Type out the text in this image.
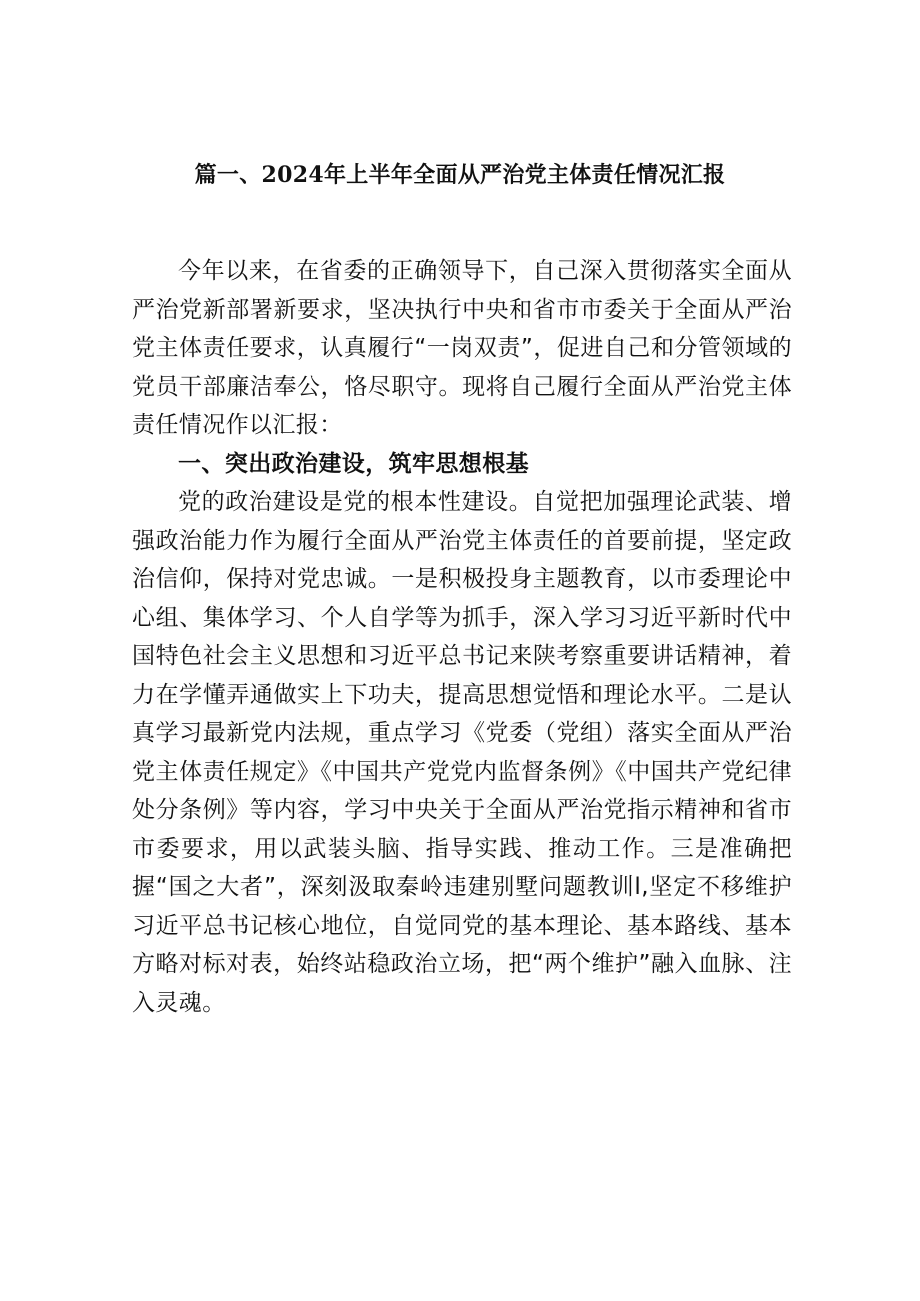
篇一、2024年上半年全面从严治党主体责任情况汇报

今年以来，在省委的正确领导下，自己深入贯彻落实全面从严治党新部署新要求，坚决执行中央和省市市委关于全面从严治党主体责任要求，认真履行“一岗双责”，促进自己和分管领域的党员干部廉洁奉公，恪尽职守。现将自己履行全面从严治党主体责任情况作以汇报：

一、突出政治建设，筑牢思想根基

党的政治建设是党的根本性建设。自觉把加强理论武装、增强政治能力作为履行全面从严治党主体责任的首要前提，坚定政治信仰，保持对党忠诚。一是积极投身主题教育，以市委理论中心组、集体学习、个人自学等为抓手，深入学习习近平新时代中国特色社会主义思想和习近平总书记来陕考察重要讲话精神，着力在学懂弄通做实上下功夫，提高思想觉悟和理论水平。二是认真学习最新党内法规，重点学习《党委（党组）落实全面从严治党主体责任规定》《中国共产党党内监督条例》《中国共产党纪律处分条例》等内容，学习中央关于全面从严治党指示精神和省市市委要求，用以武装头脑、指导实践、推动工作。三是准确把握“国之大者”，深刻汲取秦岭违建别墅问题教训l,坚定不移维护习近平总书记核心地位，自觉同党的基本理论、基本路线、基本方略对标对表，始终站稳政治立场，把“两个维护”融入血脉、注入灵魂。
